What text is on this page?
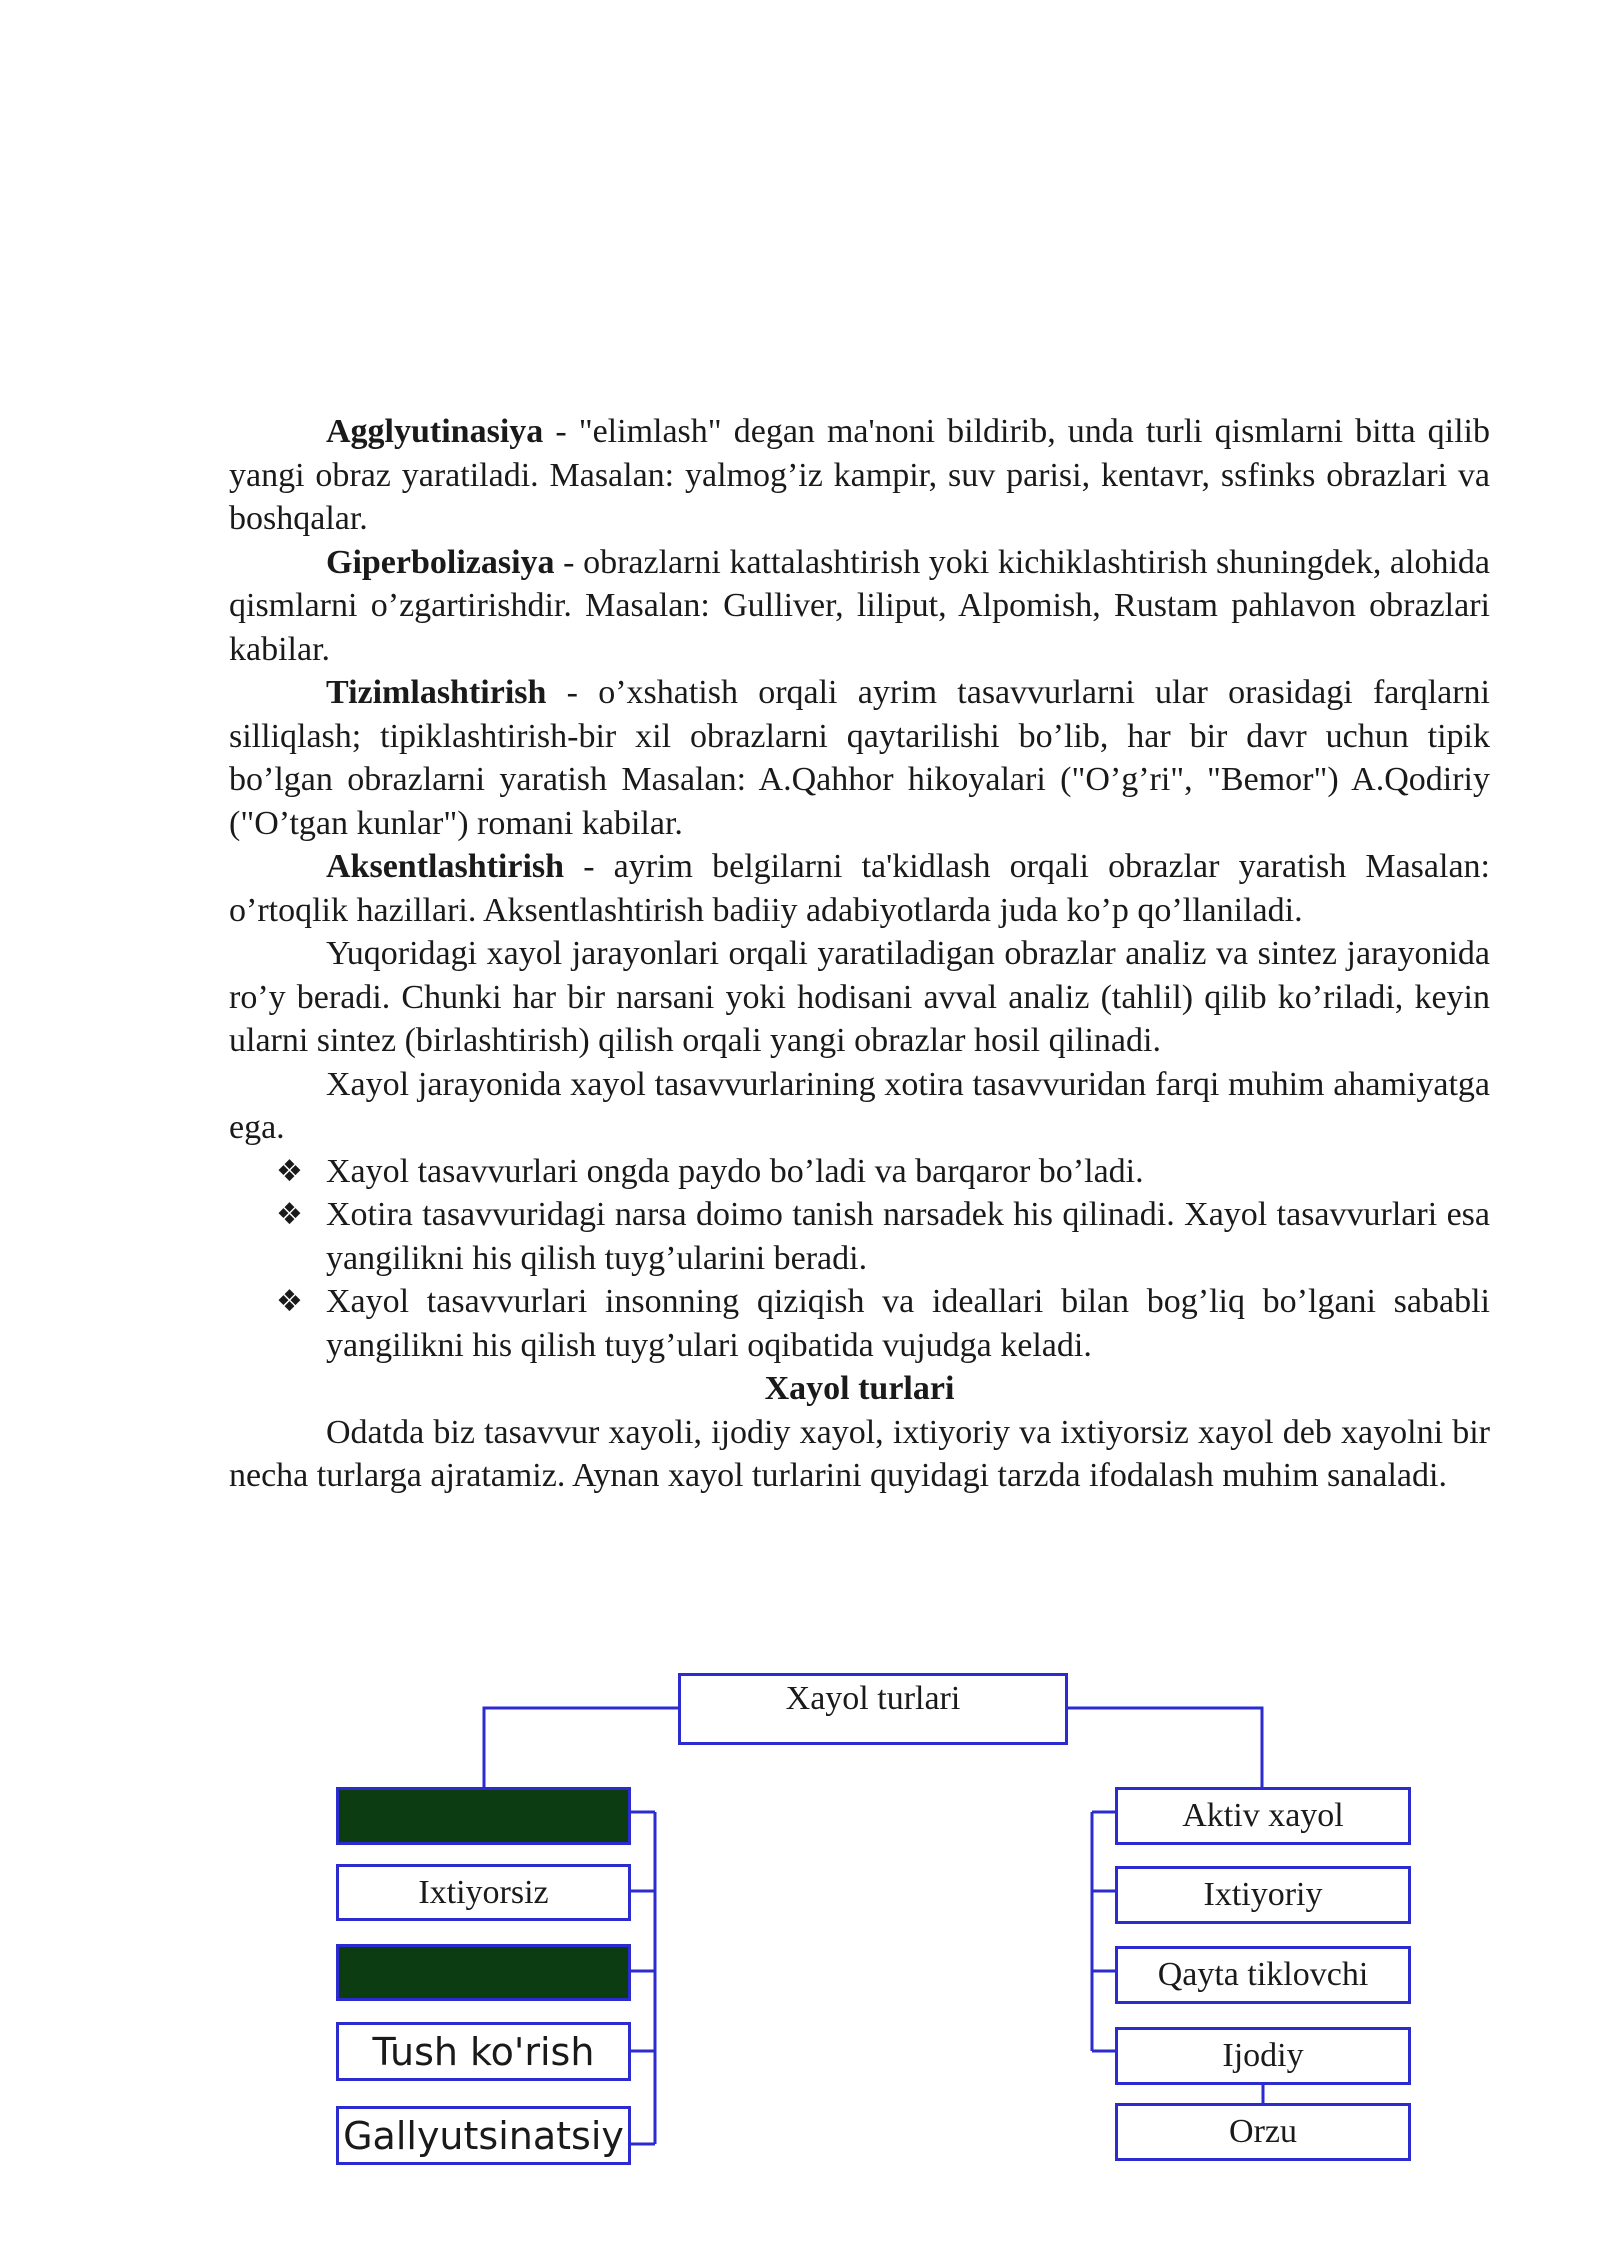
Agglyutinasiya - "elimlash" degan ma'noni bildirib, unda turli qismlarni bitta qilib yangi obraz yaratiladi. Masalan: yalmog’iz kampir, suv parisi, kentavr, ssfinks obrazlari va boshqalar.

Giperbolizasiya - obrazlarni kattalashtirish yoki kichiklashtirish shuningdek, alohida qismlarni o’zgartirishdir. Masalan: Gulliver, liliput, Alpomish, Rustam pahlavon obrazlari kabilar.

Tizimlashtirish - o’xshatish orqali ayrim tasavvurlarni ular orasidagi farqlarni silliqlash; tipiklashtirish-bir xil obrazlarni qaytarilishi bo’lib, har bir davr uchun tipik bo’lgan obrazlarni yaratish Masalan: A.Qahhor hikoyalari ("O’g’ri", "Bemor") A.Qodiriy ("O’tgan kunlar") romani kabilar.

Aksentlashtirish - ayrim belgilarni ta'kidlash orqali obrazlar yaratish Masalan: o’rtoqlik hazillari. Aksentlashtirish badiiy adabiyotlarda juda ko’p qo’llaniladi.

Yuqoridagi xayol jarayonlari orqali yaratiladigan obrazlar analiz va sintez jarayonida ro’y beradi. Chunki har bir narsani yoki hodisani avval analiz (tahlil) qilib ko’riladi, keyin ularni sintez (birlashtirish) qilish orqali yangi obrazlar hosil qilinadi.

Xayol jarayonida xayol tasavvurlarining xotira tasavvuridan farqi muhim ahamiyatga ega.

❖ Xayol tasavvurlari ongda paydo bo’ladi va barqaror bo’ladi.
❖ Xotira tasavvuridagi narsa doimo tanish narsadek his qilinadi. Xayol tasavvurlari esa yangilikni his qilish tuyg’ularini beradi.
❖ Xayol tasavvurlari insonning qiziqish va ideallari bilan bog’liq bo’lgani sababli yangilikni his qilish tuyg’ulari oqibatida vujudga keladi.

Xayol turlari

Odatda biz tasavvur xayoli, ijodiy xayol, ixtiyoriy va ixtiyorsiz xayol deb xayolni bir necha turlarga ajratamiz. Aynan xayol turlarini quyidagi tarzda ifodalash muhim sanaladi.

Xayol turlari
Passiv xayol
Ixtiyorsiz
Shuuri xayol
Tush ko'rish
Gallyutsinatsiy
Aktiv xayol
Ixtiyoriy
Qayta tiklovchi
Ijodiy
Orzu
